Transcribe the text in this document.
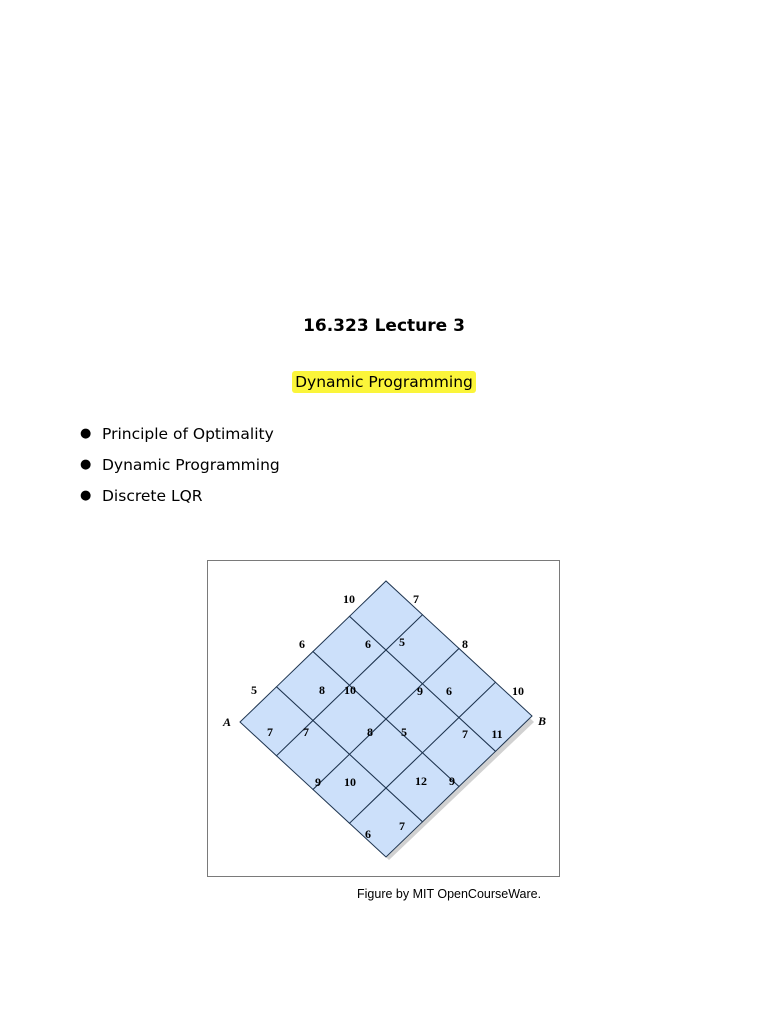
16.323 Lecture 3
Dynamic Programming
● Principle of Optimality
● Dynamic Programming
● Discrete LQR
5
7	7
9 10
6
7
6
8
8
10
12 9
10
6 5
9 6
5	7 11
7
8
10
A	B
Figure by MIT OpenCourseWare.
